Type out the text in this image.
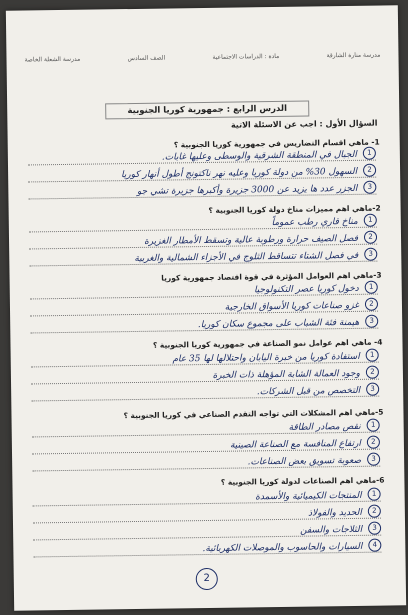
مدرسة منارة الشارقة
مادة : الدراسات الاجتماعية
الصف السادس
مدرسة الشعلة الخاصة
الدرس الرابع : جمهورية كوريا الجنوبية
السؤال الأول : اجب عن الاسئلة الاتية
1- ماهي اقسام التضاريس في جمهورية كوريا الجنوبية ؟
1
الجبال في المنطقة الشرقية والوسطى وعليها غابات.
2
السهول 30% من دولة كوريا وعليه نهر ناكتونج أطول أنهار كوريا
3
الجزر عدد ها يزيد عن 3000 جزيرة وأكبرها جزيرة تشي جو
2-ماهي اهم مميزات مناخ دولة كوريا الجنوبية ؟
1
مناخ قاري رطب عموماً
2
فصل الصيف حرارة ورطوبة عالية وتسقط الأمطار الغزيرة
3
في فصل الشتاء تتساقط الثلوج في الأجزاء الشمالية والغربية
3-ماهي اهم العوامل المؤثرة في قوة اقتصاد جمهورية كوريا
1
دخول كوريا عصر التكنولوجيا
2
غزو صناعات كوريا الأسواق الخارجية
3
هيمنة فئة الشباب على مجموع سكان كوريا.
4- ماهي اهم عوامل نمو الصناعة في جمهورية كوريا الجنوبية ؟
1
استفادة كوريا من خبرة اليابان واحتلالها لها 35 عام
2
وجود العمالة الشابة المؤهلة ذات الخبرة
3
التخصص من قبل الشركات.
5-ماهي اهم المشكلات التي تواجه التقدم الصناعي في كوريا الجنوبية ؟
1
نقص مصادر الطاقة
2
ارتفاع المنافسة مع الصناعة الصينية
3
صعوبة تسويق بعض الصناعات.
6-ماهي اهم الصناعات لدولة كوريا الجنوبية ؟
1
المنتجات الكيميائية والأسمدة
2
الحديد والفولاذ
3
الثلاجات والسفن
4
السيارات والحاسوب والموصلات الكهربائية.
2
